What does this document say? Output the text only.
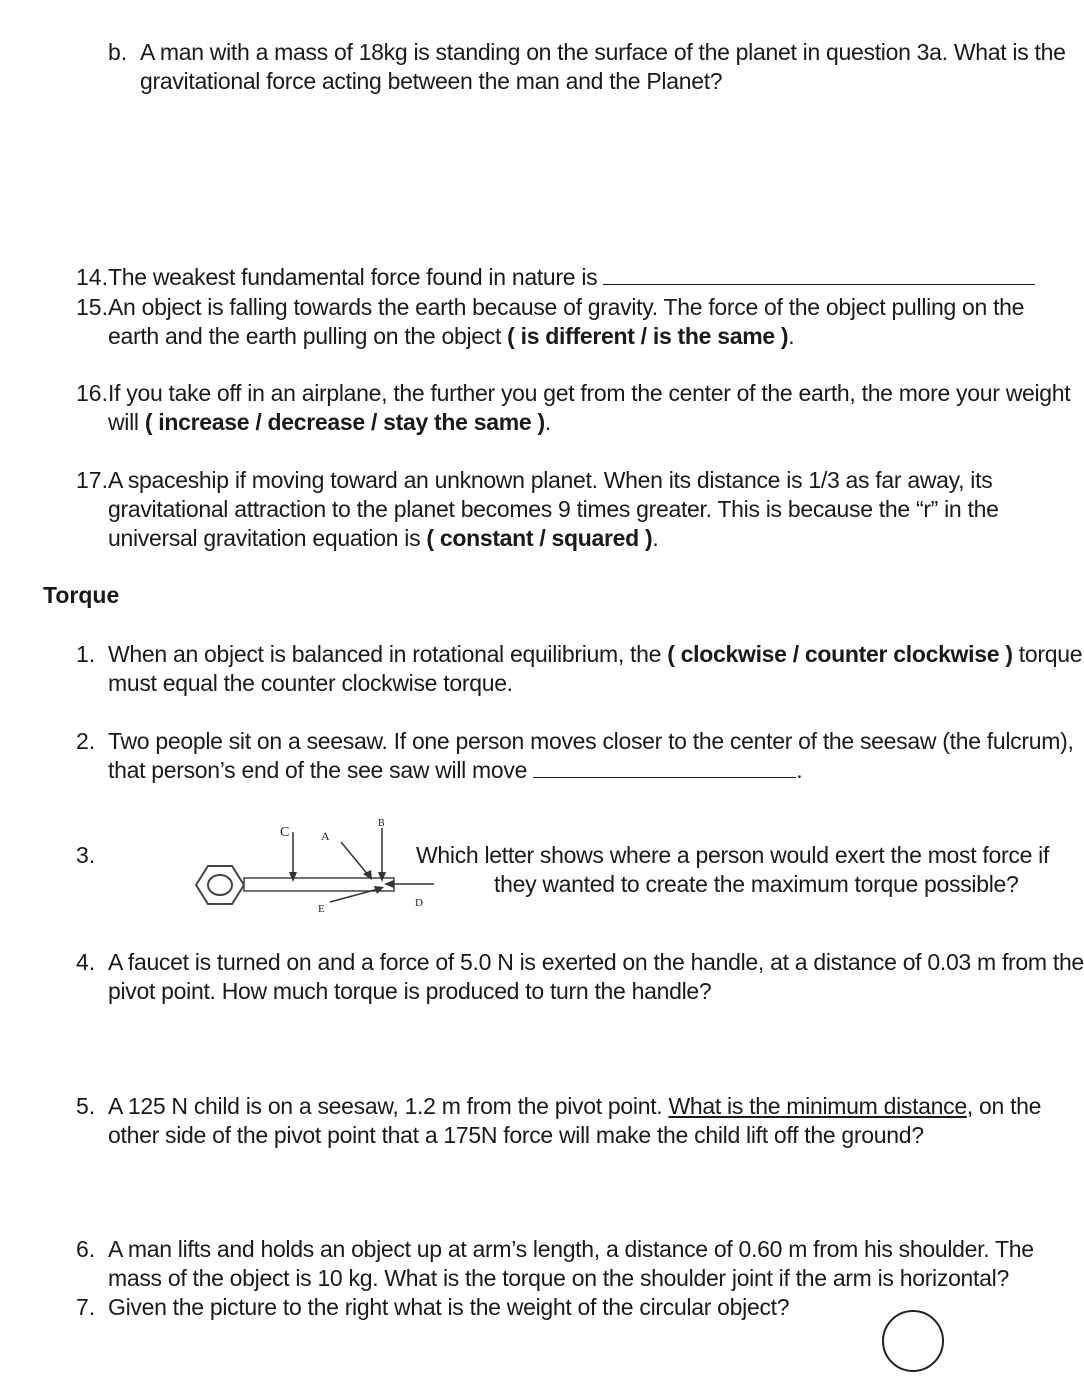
b. A man with a mass of 18kg is standing on the surface of the planet in question 3a. What is the
gravitational force acting between the man and the Planet?
14. The weakest fundamental force found in nature is
15. An object is falling towards the earth because of gravity. The force of the object pulling on the
earth and the earth pulling on the object ( is different / is the same ).
16. If you take off in an airplane, the further you get from the center of the earth, the more your weight
will ( increase / decrease / stay the same ).
17. A spaceship if moving toward an unknown planet. When its distance is 1/3 as far away, its
gravitational attraction to the planet becomes 9 times greater. This is because the “r” in the
universal gravitation equation is ( constant / squared ).
Torque
1. When an object is balanced in rotational equilibrium, the ( clockwise / counter clockwise ) torque
must equal the counter clockwise torque.
2. Two people sit on a seesaw. If one person moves closer to the center of the seesaw (the fulcrum),
that person’s end of the see saw will move	.
3.
C	A
B
E	D
Which letter shows where a person would exert the most force if
they wanted to create the maximum torque possible?
4. A faucet is turned on and a force of 5.0 N is exerted on the handle, at a distance of 0.03 m from the
pivot point. How much torque is produced to turn the handle?
5. A 125 N child is on a seesaw, 1.2 m from the pivot point. What is the minimum distance, on the
other side of the pivot point that a 175N force will make the child lift off the ground?
6. A man lifts and holds an object up at arm’s length, a distance of 0.60 m from his shoulder. The
mass of the object is 10 kg. What is the torque on the shoulder joint if the arm is horizontal?
7. Given the picture to the right what is the weight of the circular object?
